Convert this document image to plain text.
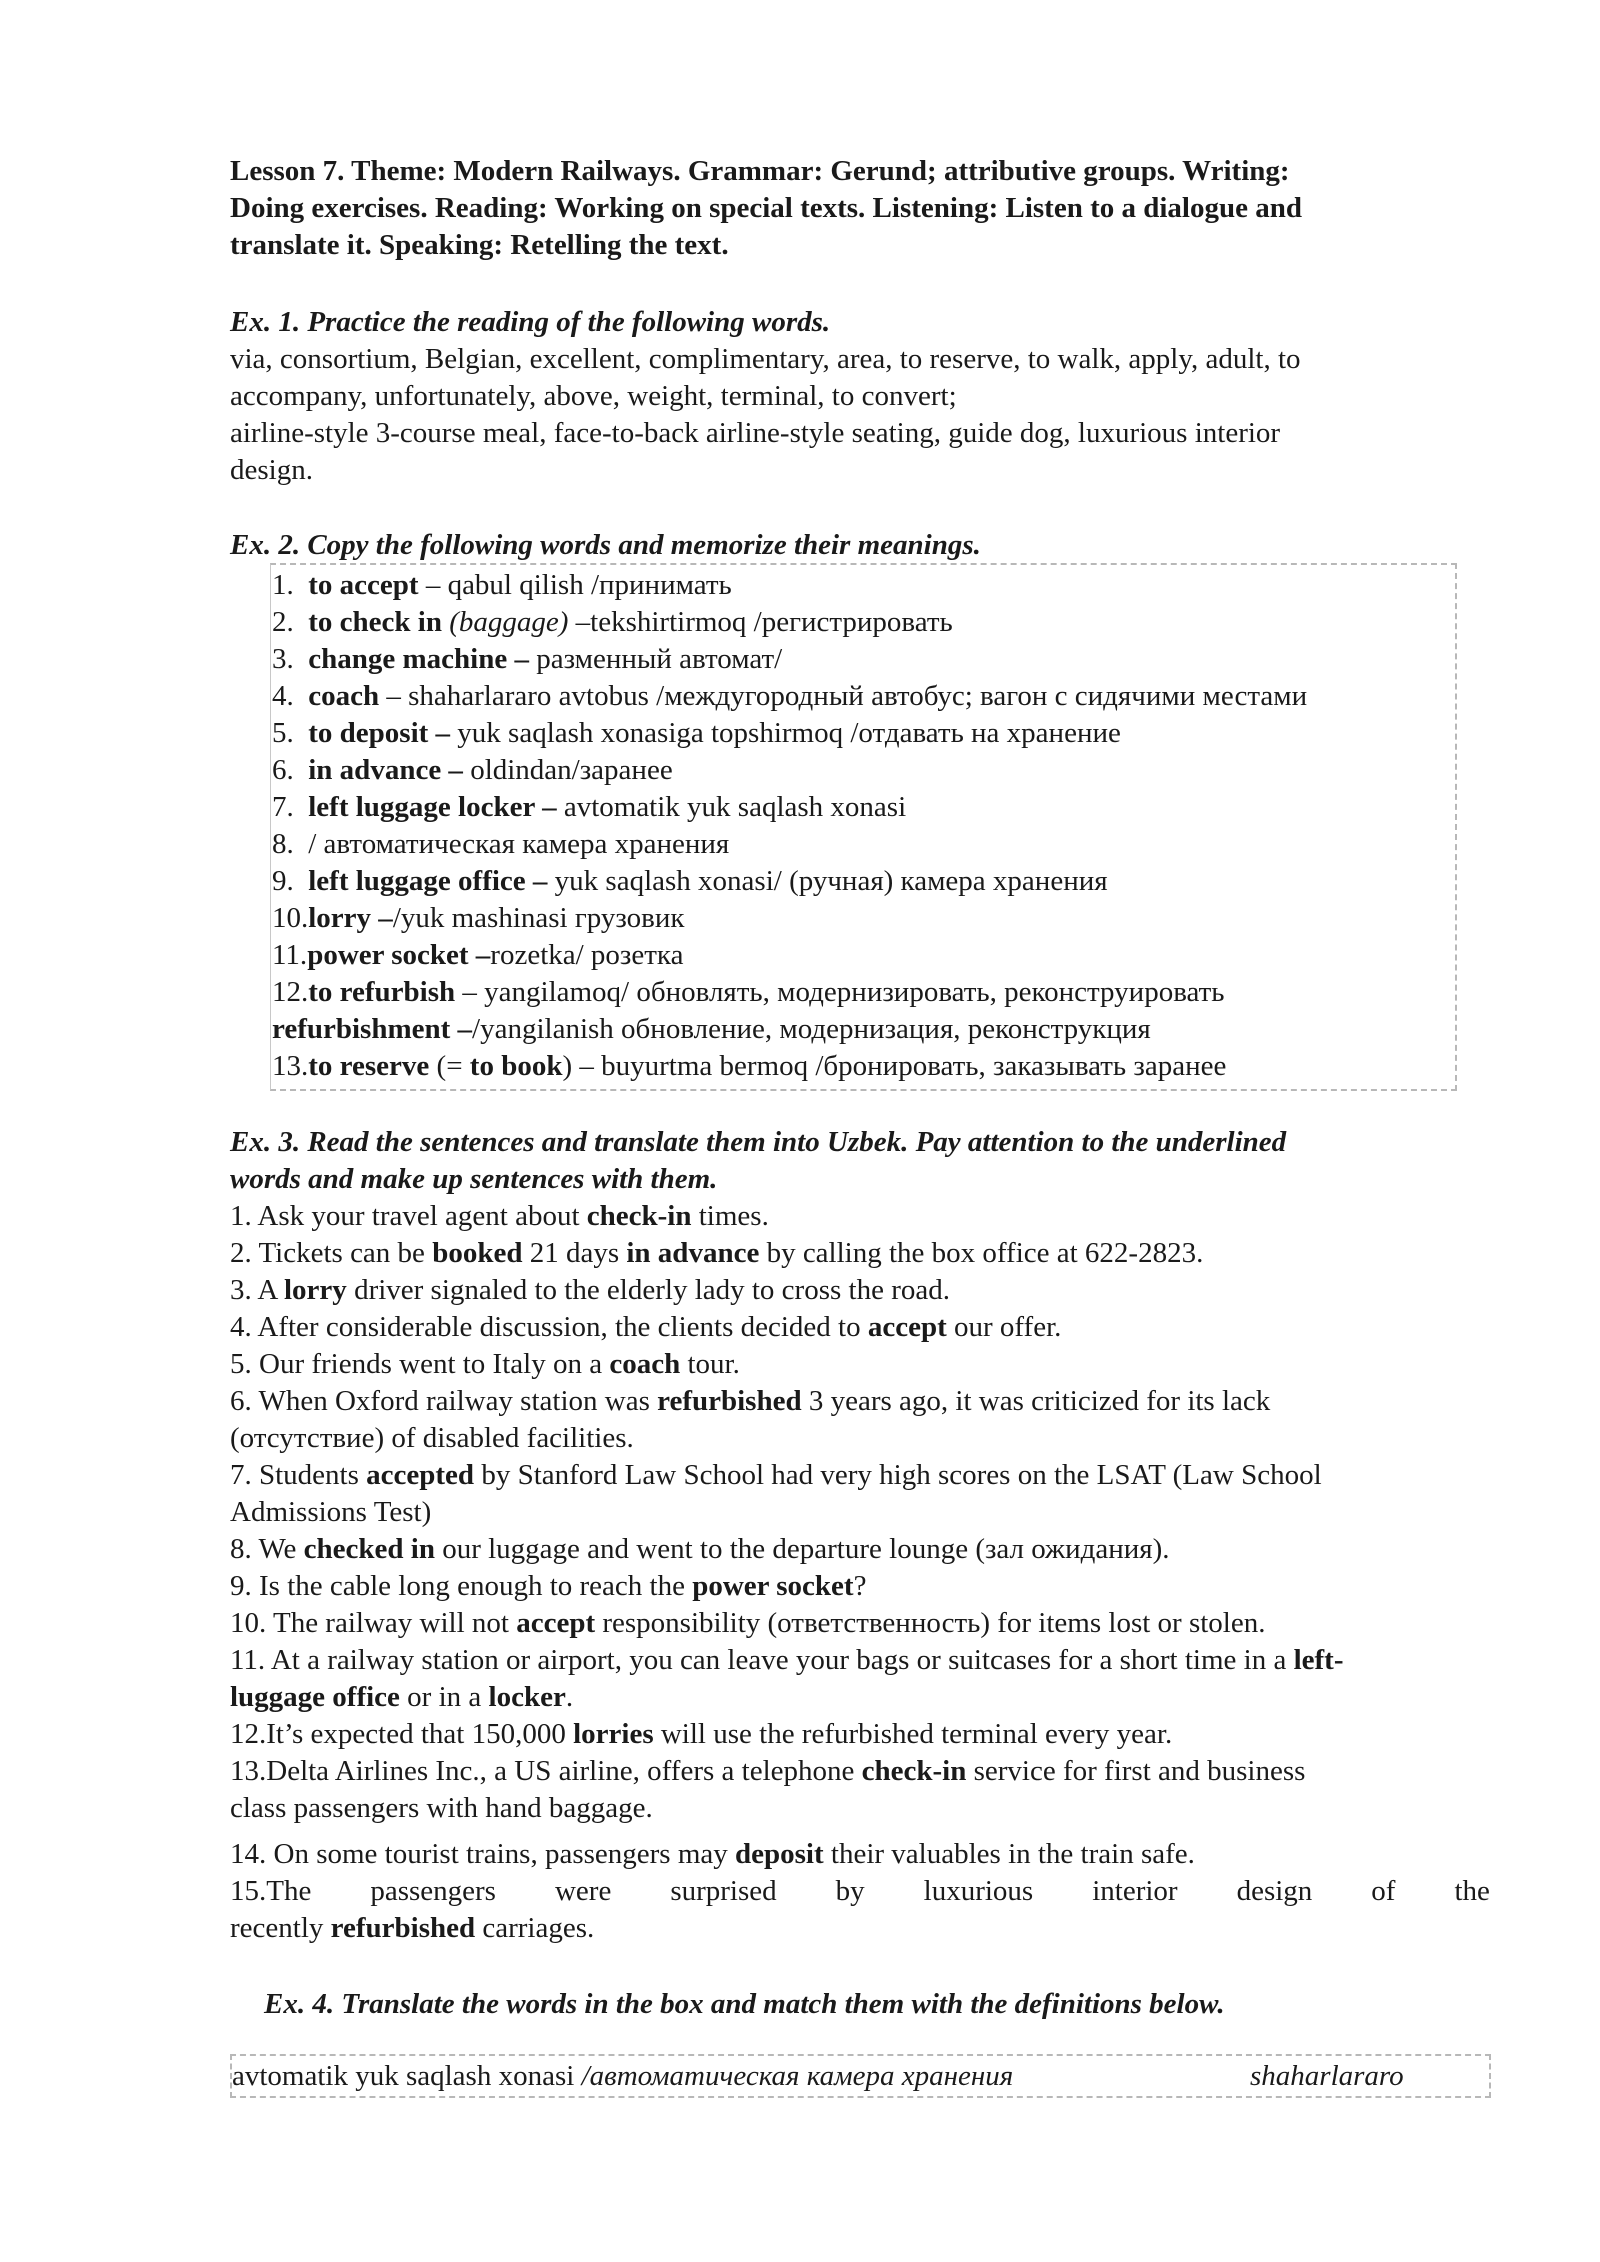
Lesson 7. Theme: Modern Railways. Grammar: Gerund; attributive groups. Writing:
Doing exercises. Reading: Working on special texts. Listening: Listen to a dialogue and
translate it. Speaking: Retelling the text.
Ex. 1. Practice the reading of the following words.
via, consortium, Belgian, excellent, complimentary, area, to reserve, to walk, apply, adult, to
accompany, unfortunately, above, weight, terminal, to convert;
airline-style 3-course meal, face-to-back airline-style seating, guide dog, luxurious interior
design.
Ex. 2. Copy the following words and memorize their meanings.
1. to accept – qabul qilish /принимать
2. to check in (baggage) –tekshirtirmoq /регистрировать
3. change machine – разменный автомат/
4. coach – shaharlararo avtobus /междугородный автобус; вагон с сидячими местами
5. to deposit – yuk saqlash xonasiga topshirmoq /отдавать на хранение
6. in advance – oldindan/заранее
7. left luggage locker – avtomatik yuk saqlash xonasi
8. / автоматическая камера хранения
9. left luggage office – yuk saqlash xonasi/ (ручная) камера хранения
10.lorry –/yuk mashinasi грузовик
11.power socket –rozetka/ розетка
12.to refurbish – yangilamoq/ обновлять, модернизировать, реконструировать
refurbishment –/yangilanish обновление, модернизация, реконструкция
13.to reserve (= to book) – buyurtma bermoq /бронировать, заказывать заранее
Ex. 3. Read the sentences and translate them into Uzbek. Pay attention to the underlined
words and make up sentences with them.
1. Ask your travel agent about check-in times.
2. Tickets can be booked 21 days in advance by calling the box office at 622-2823.
3. A lorry driver signaled to the elderly lady to cross the road.
4. After considerable discussion, the clients decided to accept our offer.
5. Our friends went to Italy on a coach tour.
6. When Oxford railway station was refurbished 3 years ago, it was criticized for its lack
(отсутствие) of disabled facilities.
7. Students accepted by Stanford Law School had very high scores on the LSAT (Law School
Admissions Test)
8. We checked in our luggage and went to the departure lounge (зал ожидания).
9. Is the cable long enough to reach the power socket?
10. The railway will not accept responsibility (ответственность) for items lost or stolen.
11. At a railway station or airport, you can leave your bags or suitcases for a short time in a left-
luggage office or in a locker.
12.It’s expected that 150,000 lorries will use the refurbished terminal every year.
13.Delta Airlines Inc., a US airline, offers a telephone check-in service for first and business
class passengers with hand baggage.
14. On some tourist trains, passengers may deposit their valuables in the train safe.
15.The passengers were surprised by luxurious interior design of the
recently refurbished carriages.
Ex. 4. Translate the words in the box and match them with the definitions below.
avtomatik yuk saqlash xonasi /автоматическая камера хранения	shaharlararo
